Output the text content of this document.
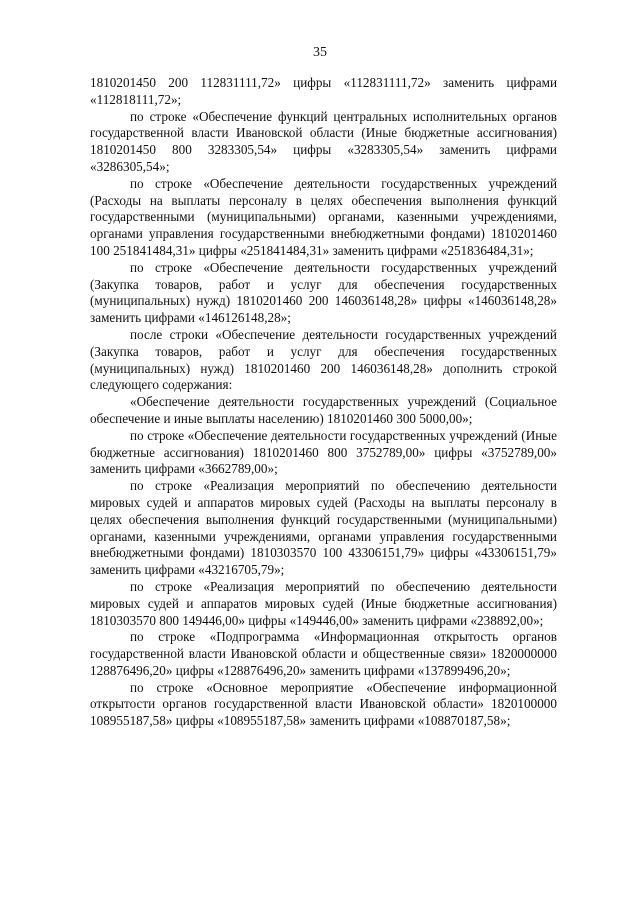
35

1810201450 200 112831111,72» цифры «112831111,72» заменить цифрами «112818111,72»;

по строке «Обеспечение функций центральных исполнительных органов государственной власти Ивановской области (Иные бюджетные ассигнования) 1810201450 800 3283305,54» цифры «3283305,54» заменить цифрами «3286305,54»;

по строке «Обеспечение деятельности государственных учреждений (Расходы на выплаты персоналу в целях обеспечения выполнения функций государственными (муниципальными) органами, казенными учреждениями, органами управления государственными внебюджетными фондами) 1810201460 100 251841484,31» цифры «251841484,31» заменить цифрами «251836484,31»;

по строке «Обеспечение деятельности государственных учреждений (Закупка товаров, работ и услуг для обеспечения государственных (муниципальных) нужд) 1810201460 200 146036148,28» цифры «146036148,28» заменить цифрами «146126148,28»;

после строки «Обеспечение деятельности государственных учреждений (Закупка товаров, работ и услуг для обеспечения государственных (муниципальных) нужд) 1810201460 200 146036148,28» дополнить строкой следующего содержания:

«Обеспечение деятельности государственных учреждений (Социальное обеспечение и иные выплаты населению) 1810201460 300 5000,00»;

по строке «Обеспечение деятельности государственных учреждений (Иные бюджетные ассигнования) 1810201460 800 3752789,00» цифры «3752789,00» заменить цифрами «3662789,00»;

по строке «Реализация мероприятий по обеспечению деятельности мировых судей и аппаратов мировых судей (Расходы на выплаты персоналу в целях обеспечения выполнения функций государственными (муниципальными) органами, казенными учреждениями, органами управления государственными внебюджетными фондами) 1810303570 100 43306151,79» цифры «43306151,79» заменить цифрами «43216705,79»;

по строке «Реализация мероприятий по обеспечению деятельности мировых судей и аппаратов мировых судей (Иные бюджетные ассигнования) 1810303570 800 149446,00» цифры «149446,00» заменить цифрами «238892,00»;

по строке «Подпрограмма «Информационная открытость органов государственной власти Ивановской области и общественные связи» 1820000000 128876496,20» цифры «128876496,20» заменить цифрами «137899496,20»;

по строке «Основное мероприятие «Обеспечение информационной открытости органов государственной власти Ивановской области» 1820100000 108955187,58» цифры «108955187,58» заменить цифрами «108870187,58»;
